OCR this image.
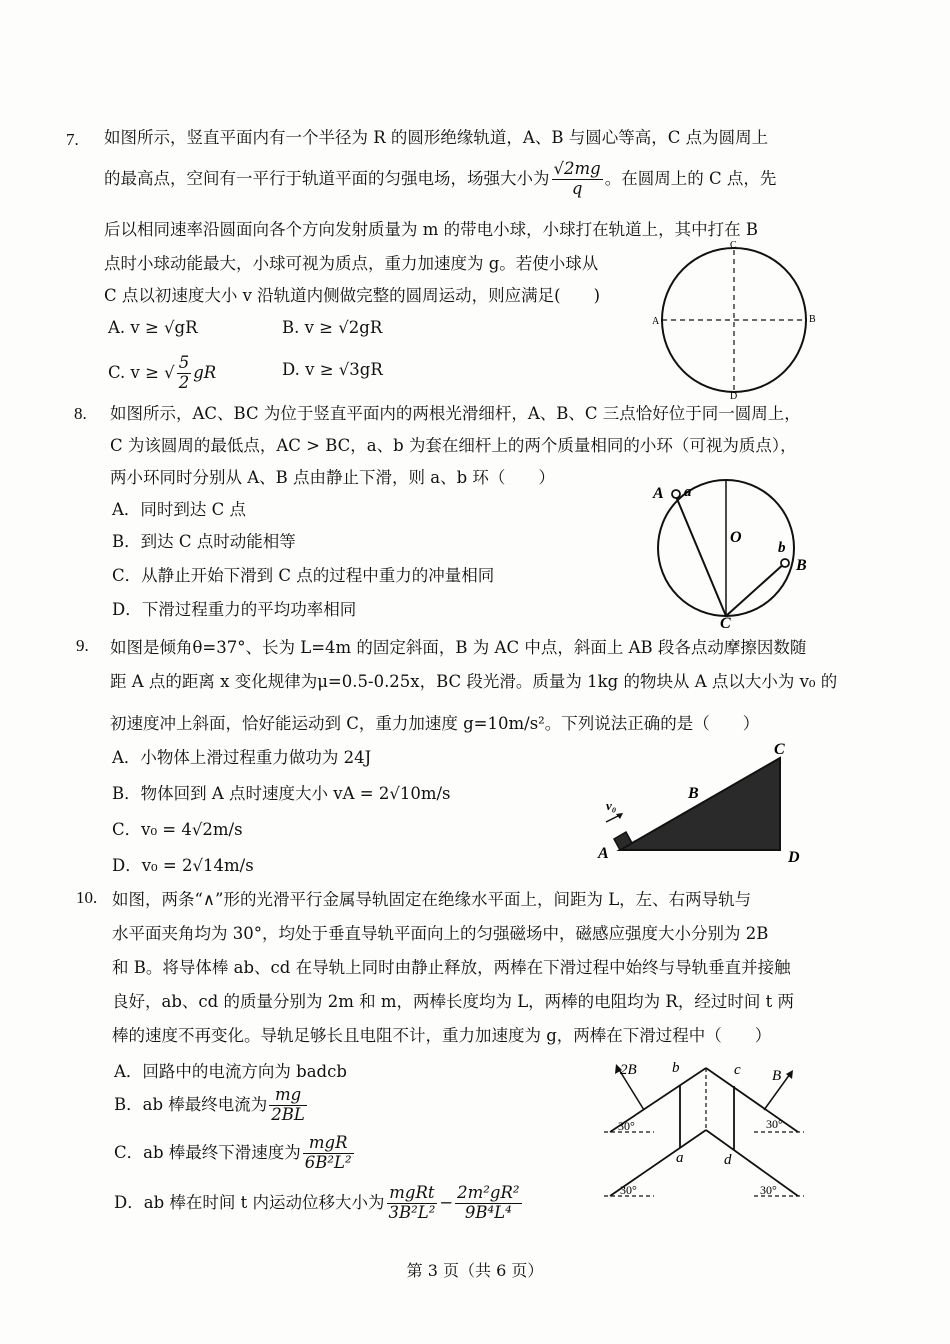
7. 如图所示，竖直平面内有一个半径为 R 的圆形绝缘轨道，A、B 与圆心等高，C 点为圆周上
的最高点，空间有一平行于轨道平面的匀强电场，场强大小为 $\frac{√2mg}{q}$ 。在圆周上的 C 点，先
后以相同速率沿圆面向各个方向发射质量为 m 的带电小球，小球打在轨道上，其中打在 B
点时小球动能最大，小球可视为质点，重力加速度为 g。若使小球从
C 点以初速度大小 v 沿轨道内侧做完整的圆周运动，则应满足(　　)
A. v ≥ √gR	B. v ≥ √2gR
C. v ≥ √ $\frac{5}{2}$ gR	D. v ≥ √3gR
C
A	B
D
8. 如图所示，AC、BC 为位于竖直平面内的两根光滑细杆，A、B、C 三点恰好位于同一圆周上，
C 为该圆周的最低点，AC > BC，a、b 为套在细杆上的两个质量相同的小环（可视为质点），
两小环同时分别从 A、B 点由静止下滑，则 a、b 环（　　）
A．同时到达 C 点
B．到达 C 点时动能相等
C．从静止开始下滑到 C 点的过程中重力的冲量相同
D．下滑过程重力的平均功率相同
A a
O
b
B
C
9. 如图是倾角θ=37°、长为 L=4m 的固定斜面，B 为 AC 中点，斜面上 AB 段各点动摩擦因数随
距 A 点的距离 x 变化规律为μ=0.5-0.25x，BC 段光滑。质量为 1kg 的物块从 A 点以大小为 v₀ 的
初速度冲上斜面，恰好能运动到 C，重力加速度 g=10m/s²。下列说法正确的是（　　）
A．小物体上滑过程重力做功为 24J
B．物体回到 A 点时速度大小 vA = 2√10m/s
C．v₀ = 4√2m/s
D．v₀ = 2√14m/s
C
B
v₀
A	D
10. 如图，两条“∧”形的光滑平行金属导轨固定在绝缘水平面上，间距为 L，左、右两导轨与
水平面夹角均为 30°，均处于垂直导轨平面向上的匀强磁场中，磁感应强度大小分别为 2B
和 B。将导体棒 ab、cd 在导轨上同时由静止释放，两棒在下滑过程中始终与导轨垂直并接触
良好，ab、cd 的质量分别为 2m 和 m，两棒长度均为 L，两棒的电阻均为 R，经过时间 t 两
棒的速度不再变化。导轨足够长且电阻不计，重力加速度为 g，两棒在下滑过程中（　　）
A．回路中的电流方向为 badcb
B．ab 棒最终电流为 $\frac{mg}{2BL}$
C．ab 棒最终下滑速度为 $\frac{\text{mgR}}{\text{6B²L²}}$
D．ab 棒在时间 t 内运动位移大小为 $\frac{\text{mgRt}}{\text{3B²L²}} - \frac{\text{2m²gR²}}{\text{9B⁴L⁴}}$
2B b	c B
a	d
30°	30°
30°	30°
第 3 页（共 6 页）
